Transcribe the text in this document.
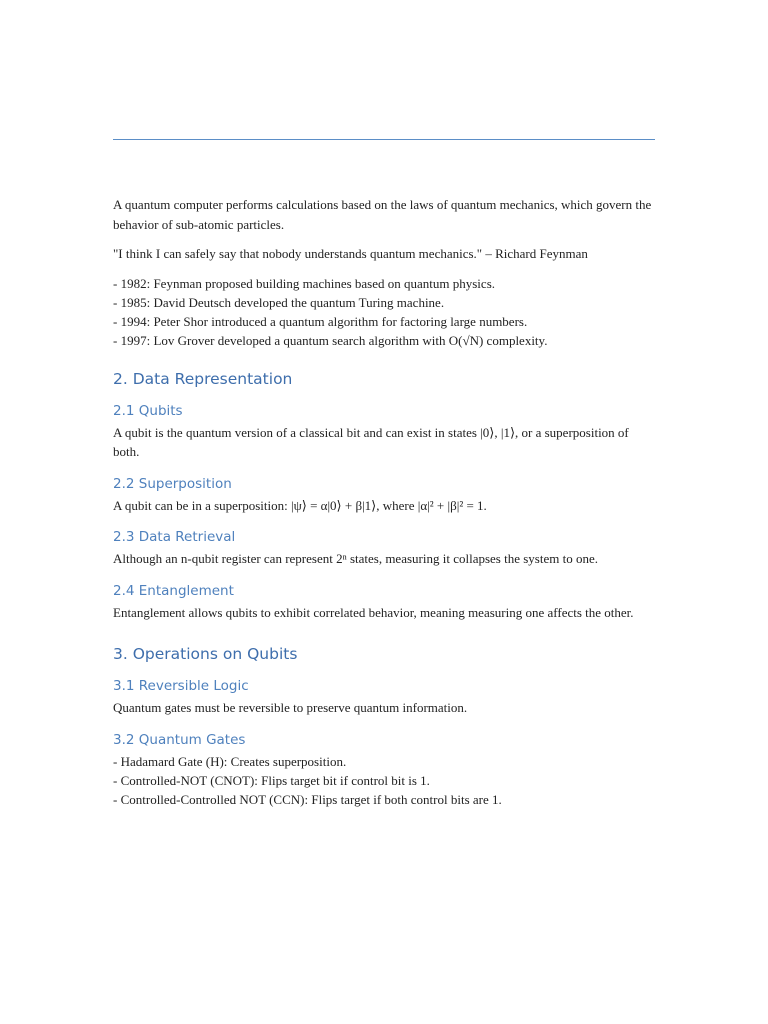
A quantum computer performs calculations based on the laws of quantum mechanics, which govern the behavior of sub-atomic particles.

"I think I can safely say that nobody understands quantum mechanics." – Richard Feynman

- 1982: Feynman proposed building machines based on quantum physics.
- 1985: David Deutsch developed the quantum Turing machine.
- 1994: Peter Shor introduced a quantum algorithm for factoring large numbers.
- 1997: Lov Grover developed a quantum search algorithm with O(√N) complexity.
2. Data Representation
2.1 Qubits

A qubit is the quantum version of a classical bit and can exist in states |0⟩, |1⟩, or a superposition of both.

2.2 Superposition

A qubit can be in a superposition: |ψ⟩ = α|0⟩ + β|1⟩, where |α|² + |β|² = 1.

2.3 Data Retrieval

Although an n-qubit register can represent 2ⁿ states, measuring it collapses the system to one.

2.4 Entanglement

Entanglement allows qubits to exhibit correlated behavior, meaning measuring one affects the other.

3. Operations on Qubits
3.1 Reversible Logic

Quantum gates must be reversible to preserve quantum information.

3.2 Quantum Gates
- Hadamard Gate (H): Creates superposition.
- Controlled-NOT (CNOT): Flips target bit if control bit is 1.
- Controlled-Controlled NOT (CCN): Flips target if both control bits are 1.
